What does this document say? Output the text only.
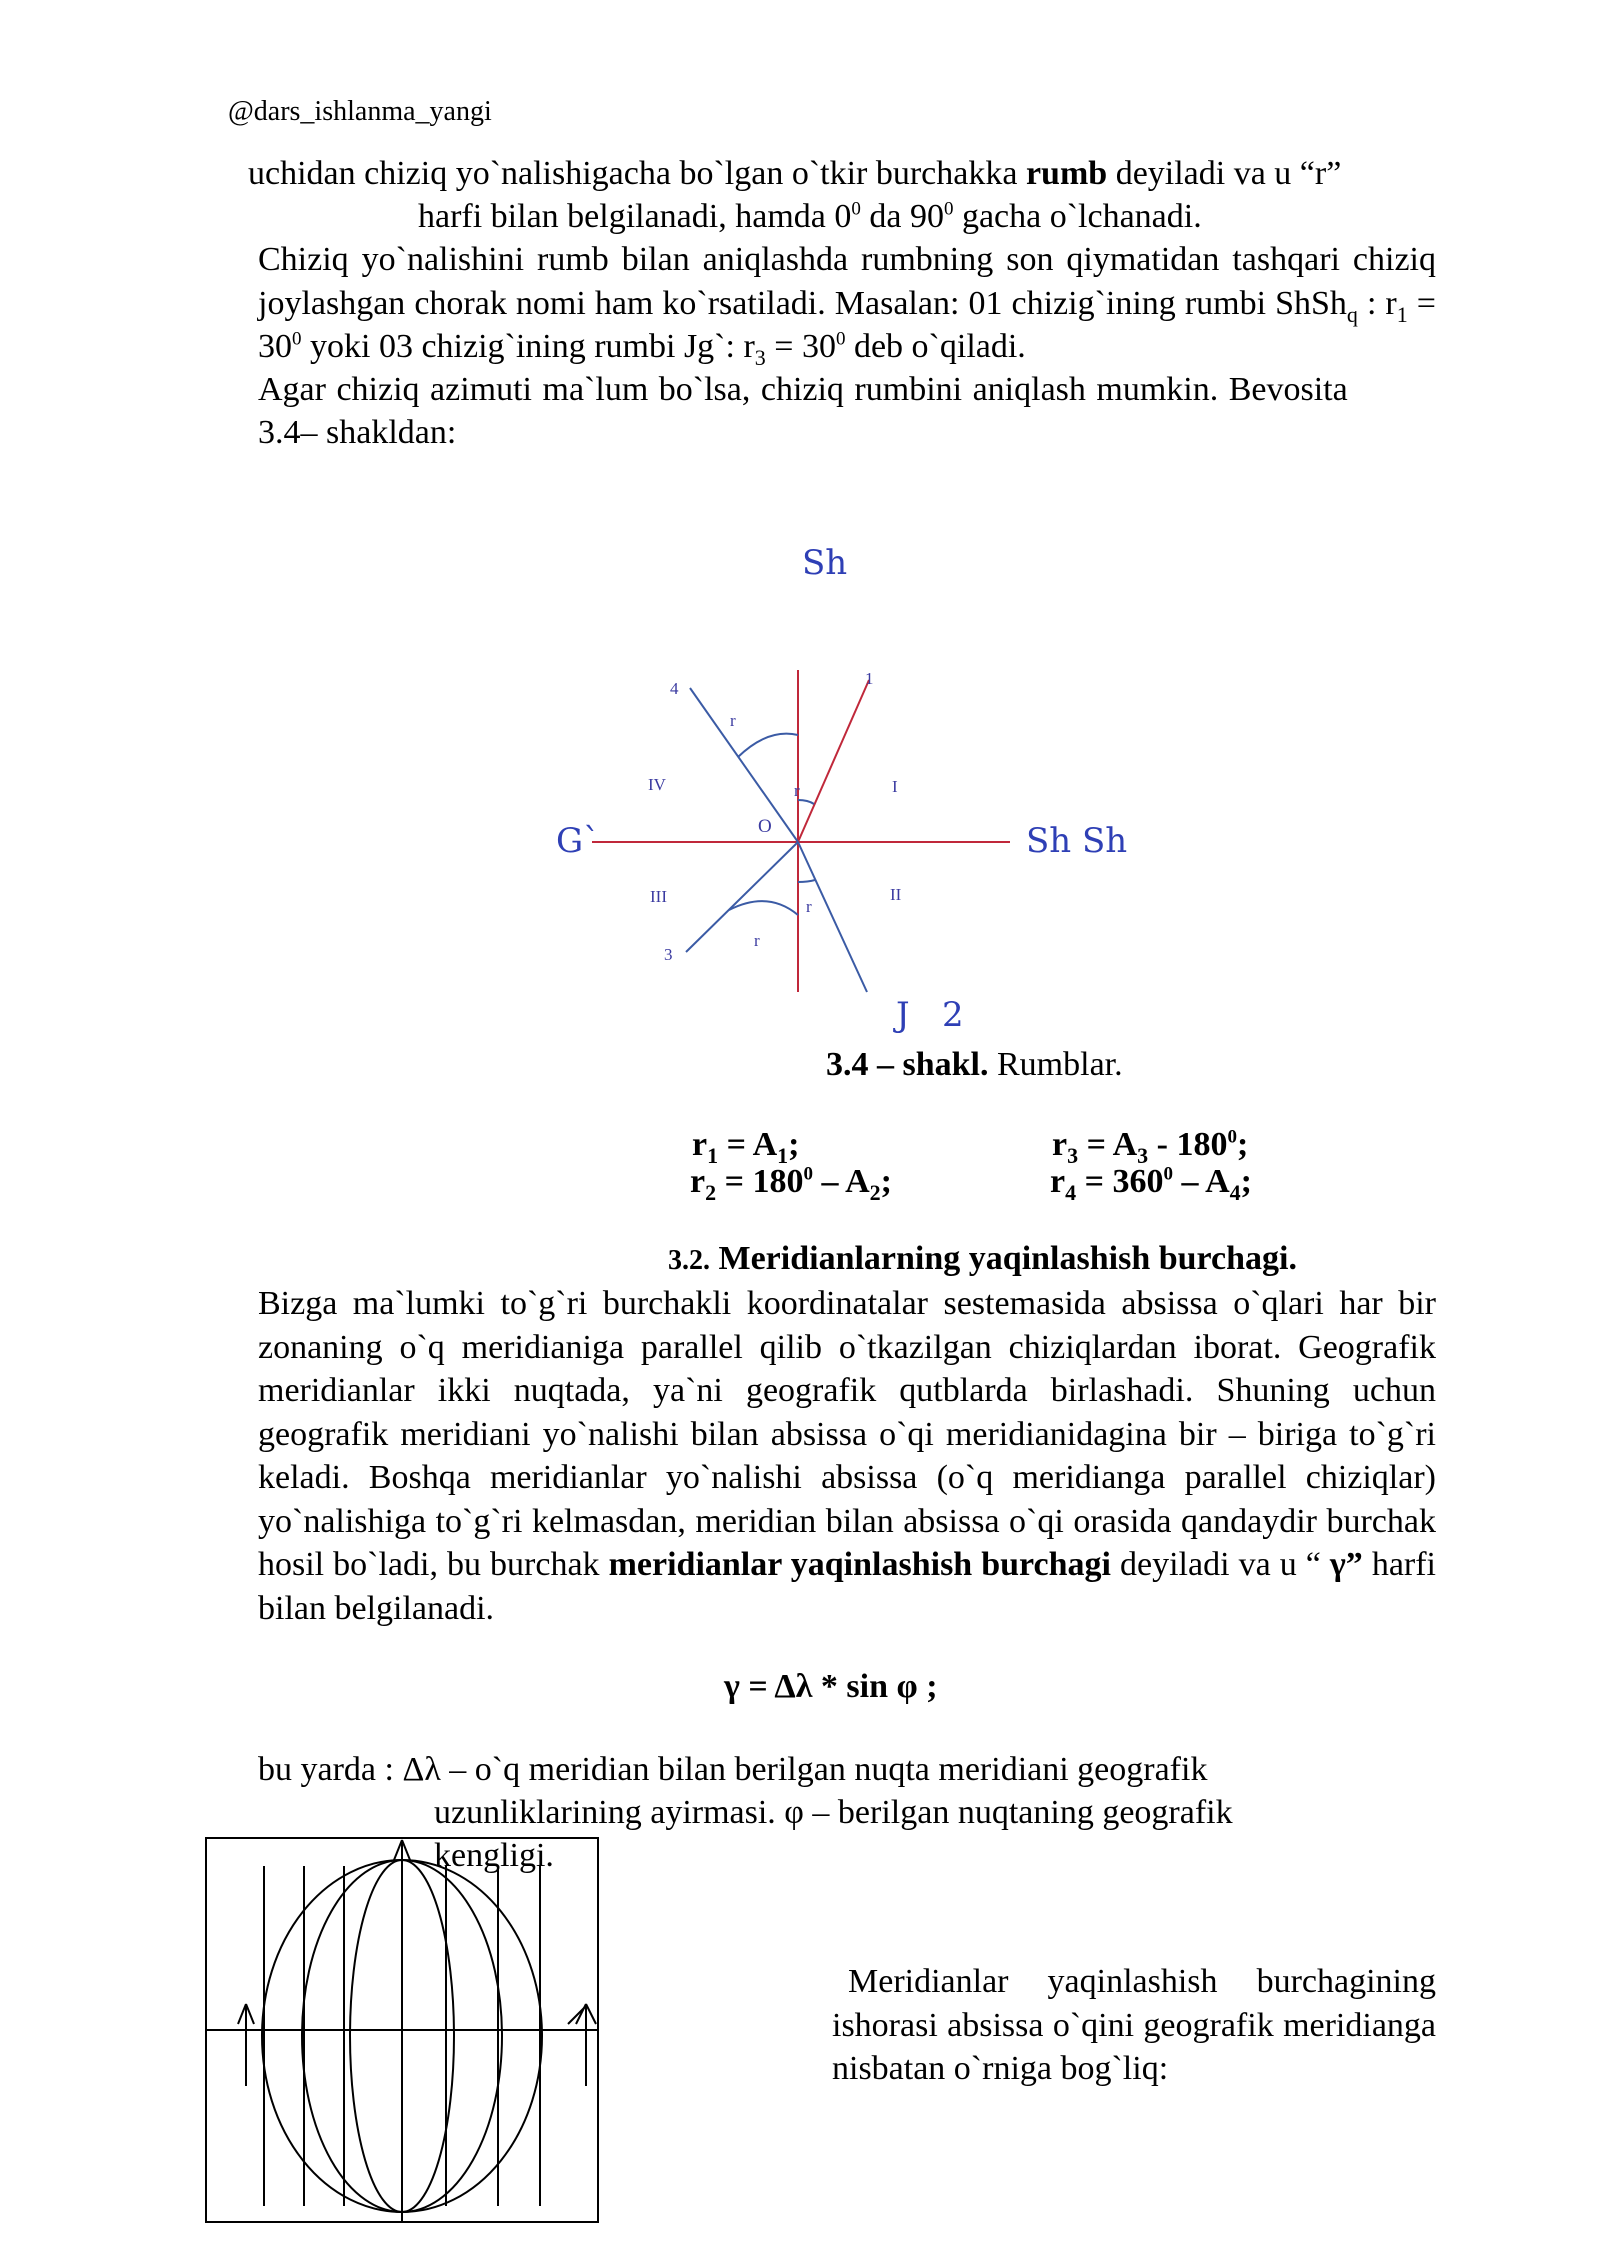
@dars_ishlanma_yangi
uchidan chiziq yo`nalishigacha bo`lgan o`tkir burchakka rumb deyiladi va u “r”
harfi bilan belgilanadi, hamda $0^0$ da $90^0$ gacha o`lchanadi.
Chiziq yo`nalishini rumb bilan aniqlashda rumbning son qiymatidan tashqari chiziq joylashgan chorak nomi ham ko`rsatiladi. Masalan: 01 chizig`ining rumbi ShSh$_q$ : $r_1 = 30^0$ yoki 03 chizig`ining rumbi Jg`: $r_3 = 30^0$ deb o`qiladi.
Agar chiziq azimuti ma`lum bo`lsa, chiziq rumbini aniqlash mumkin. Bevosita
3.4– shakldan:
Sh
G`	Sh Sh
J   2
O
1
3
4
I
II
III
IV
r
r
r
r
3.4 – shakl. Rumblar.
$r_1 = A_1$;
$r_2 = 180^0 - A_2$;
$r_3 = A_3 - 180^0$;
$r_4 = 360^0 - A_4$;
3.2. Meridianlarning yaqinlashish burchagi.
Bizga ma`lumki to`g`ri burchakli koordinatalar sestemasida absissa o`qlari har bir zonaning o`q meridianiga parallel qilib o`tkazilgan chiziqlardan iborat. Geografik meridianlar ikki nuqtada, ya`ni geografik qutblarda birlashadi. Shuning uchun geografik meridiani yo`nalishi bilan absissa o`qi meridianidagina bir – biriga to`g`ri keladi. Boshqa meridianlar yo`nalishi absissa (o`q meridianga parallel chiziqlar) yo`nalishiga to`g`ri kelmasdan, meridian bilan absissa o`qi orasida qandaydir burchak hosil bo`ladi, bu burchak meridianlar yaqinlashish burchagi deyiladi va u “ γ” harfi bilan belgilanadi.
γ = Δλ * sin φ ;
bu yarda : Δλ – o`q meridian bilan berilgan nuqta meridiani geografik
uzunliklarining ayirmasi. φ – berilgan nuqtaning geografik
kengligi.
Meridianlar yaqinlashish burchagining ishorasi absissa o`qini geografik meridianga nisbatan o`rniga bog`liq:
